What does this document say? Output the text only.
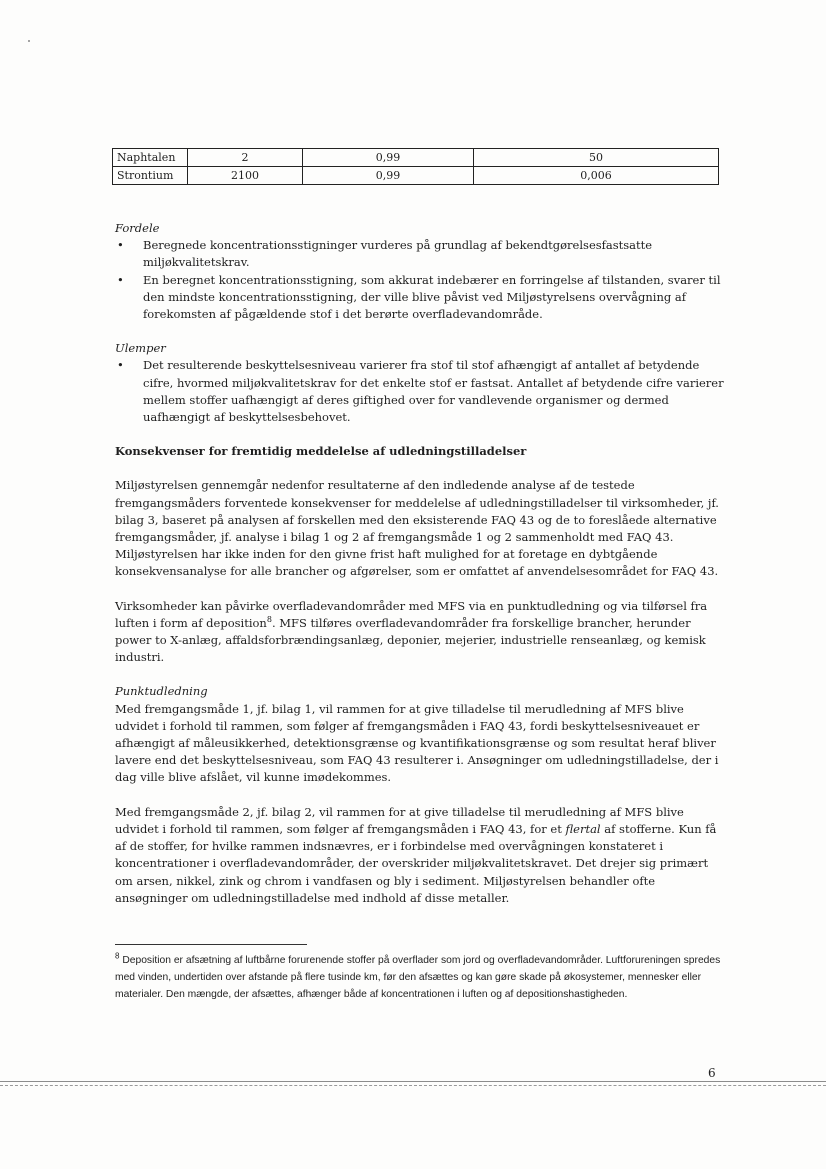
Naphtalen	2	0,99	50
Strontium	2100	0,99	0,006

Fordele

• Beregnede koncentrationsstigninger vurderes på grundlag af bekendtgørelsesfastsatte miljøkvalitetskrav.
• En beregnet koncentrationsstigning, som akkurat indebærer en forringelse af tilstanden, svarer til den mindste koncentrationsstigning, der ville blive påvist ved Miljøstyrelsens overvågning af forekomsten af pågældende stof i det berørte overfladevandområde.

Ulemper

• Det resulterende beskyttelsesniveau varierer fra stof til stof afhængigt af antallet af betydende cifre, hvormed miljøkvalitetskrav for det enkelte stof er fastsat. Antallet af betydende cifre varierer mellem stoffer uafhængigt af deres giftighed over for vandlevende organismer og dermed uafhængigt af beskyttelsesbehovet.

Konsekvenser for fremtidig meddelelse af udledningstilladelser

Miljøstyrelsen gennemgår nedenfor resultaterne af den indledende analyse af de testede fremgangsmåders forventede konsekvenser for meddelelse af udledningstilladelser til virksomheder, jf. bilag 3, baseret på analysen af forskellen med den eksisterende FAQ 43 og de to foreslåede alternative fremgangsmåder, jf. analyse i bilag 1 og 2 af fremgangsmåde 1 og 2 sammenholdt med FAQ 43. Miljøstyrelsen har ikke inden for den givne frist haft mulighed for at foretage en dybtgående konsekvensanalyse for alle brancher og afgørelser, som er omfattet af anvendelsesområdet for FAQ 43.

Virksomheder kan påvirke overfladevandområder med MFS via en punktudledning og via tilførsel fra luften i form af deposition$^8$. MFS tilføres overfladevandområder fra forskellige brancher, herunder power to X-anlæg, affaldsforbrændingsanlæg, deponier, mejerier, industrielle renseanlæg, og kemisk industri.

Punktudledning

Med fremgangsmåde 1, jf. bilag 1, vil rammen for at give tilladelse til merudledning af MFS blive udvidet i forhold til rammen, som følger af fremgangsmåden i FAQ 43, fordi beskyttelsesniveauet er afhængigt af måleusikkerhed, detektionsgrænse og kvantifikationsgrænse og som resultat heraf bliver lavere end det beskyttelsesniveau, som FAQ 43 resulterer i. Ansøgninger om udledningstilladelse, der i dag ville blive afslået, vil kunne imødekommes.

Med fremgangsmåde 2, jf. bilag 2, vil rammen for at give tilladelse til merudledning af MFS blive udvidet i forhold til rammen, som følger af fremgangsmåden i FAQ 43, for et flertal af stofferne. Kun få af de stoffer, for hvilke rammen indsnævres, er i forbindelse med overvågningen konstateret i koncentrationer i overfladevandområder, der overskrider miljøkvalitetskravet. Det drejer sig primært om arsen, nikkel, zink og chrom i vandfasen og bly i sediment. Miljøstyrelsen behandler ofte ansøgninger om udledningstilladelse med indhold af disse metaller.

$^8$ Deposition er afsætning af luftbårne forurenende stoffer på overflader som jord og overfladevandområder. Luftforureningen spredes med vinden, undertiden over afstande på flere tusinde km, før den afsættes og kan gøre skade på økosystemer, mennesker eller materialer. Den mængde, der afsættes, afhænger både af koncentrationen i luften og af depositionshastigheden.
6
